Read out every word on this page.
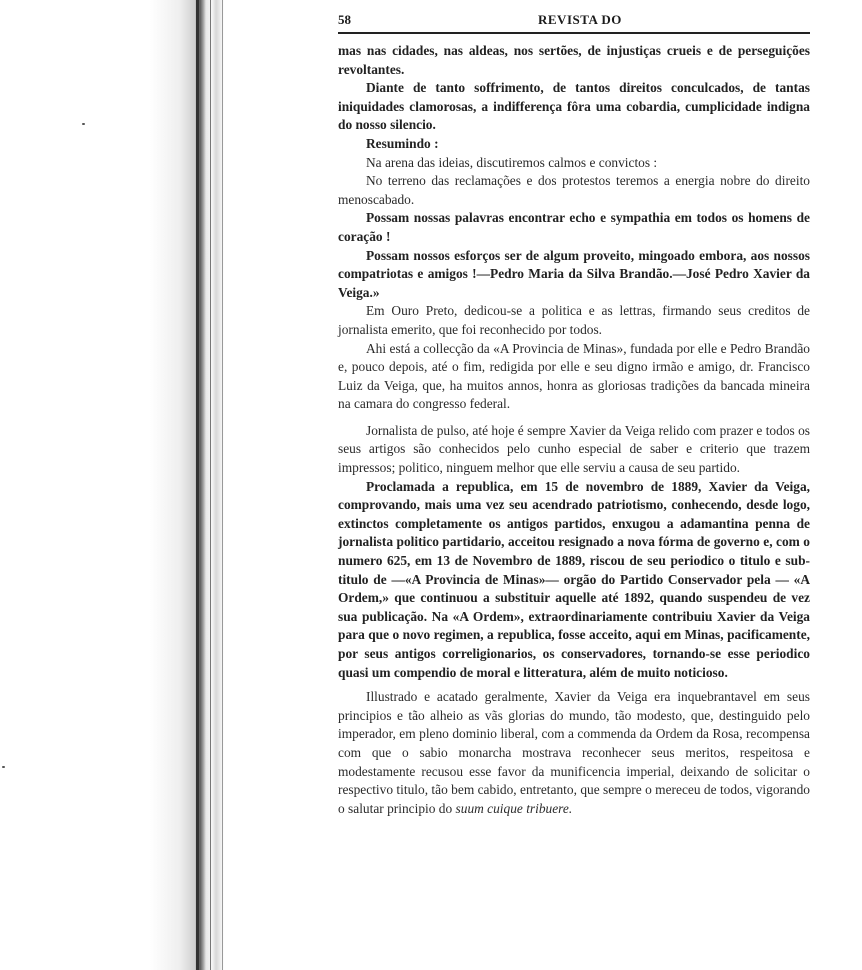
58	REVISTA DO

mas nas cidades, nas aldeas, nos sertões, de injustiças crueis e de perseguições revoltantes.

Diante de tanto soffrimento, de tantos direitos conculcados, de tantas iniquidades clamorosas, a indifferença fôra uma cobardia, cumplicidade indigna do nosso silencio.

Resumindo :

Na arena das ideias, discutiremos calmos e convictos :

No terreno das reclamações e dos protestos teremos a energia nobre do direito menoscabado.

Possam nossas palavras encontrar echo e sympathia em todos os homens de coração !

Possam nossos esforços ser de algum proveito, mingoado embora, aos nossos compatriotas e amigos !—Pedro Maria da Silva Brandão.—José Pedro Xavier da Veiga.»

Em Ouro Preto, dedicou-se a politica e as lettras, firmando seus creditos de jornalista emerito, que foi reconhecido por todos.

Ahi está a collecção da «A Provincia de Minas», fundada por elle e Pedro Brandão e, pouco depois, até o fim, redigida por elle e seu digno irmão e amigo, dr. Francisco Luiz da Veiga, que, ha muitos annos, honra as gloriosas tradições da bancada mineira na camara do congresso federal.

Jornalista de pulso, até hoje é sempre Xavier da Veiga relido com prazer e todos os seus artigos são conhecidos pelo cunho especial de saber e criterio que trazem impressos; politico, ninguem melhor que elle serviu a causa de seu partido.

Proclamada a republica, em 15 de novembro de 1889, Xavier da Veiga, comprovando, mais uma vez seu acendrado patriotismo, conhecendo, desde logo, extinctos completamente os antigos partidos, enxugou a adamantina penna de jornalista politico partidario, acceitou resignado a nova fórma de governo e, com o numero 625, em 13 de Novembro de 1889, riscou de seu periodico o titulo e sub-titulo de —«A Provincia de Minas»— orgão do Partido Conservador pela — «A Ordem,» que continuou a substituir aquelle até 1892, quando suspendeu de vez sua publicação. Na «A Ordem», extraordinariamente contribuiu Xavier da Veiga para que o novo regimen, a republica, fosse acceito, aqui em Minas, pacificamente, por seus antigos correligionarios, os conservadores, tornando-se esse periodico quasi um compendio de moral e litteratura, além de muito noticioso.

Illustrado e acatado geralmente, Xavier da Veiga era inquebrantavel em seus principios e tão alheio as vãs glorias do mundo, tão modesto, que, destinguido pelo imperador, em pleno dominio liberal, com a commenda da Ordem da Rosa, recompensa com que o sabio monarcha mostrava reconhecer seus meritos, respeitosa e modestamente recusou esse favor da munificencia imperial, deixando de solicitar o respectivo titulo, tão bem cabido, entretanto, que sempre o mereceu de todos, vigorando o salutar principio do suum cuique tribuere.
